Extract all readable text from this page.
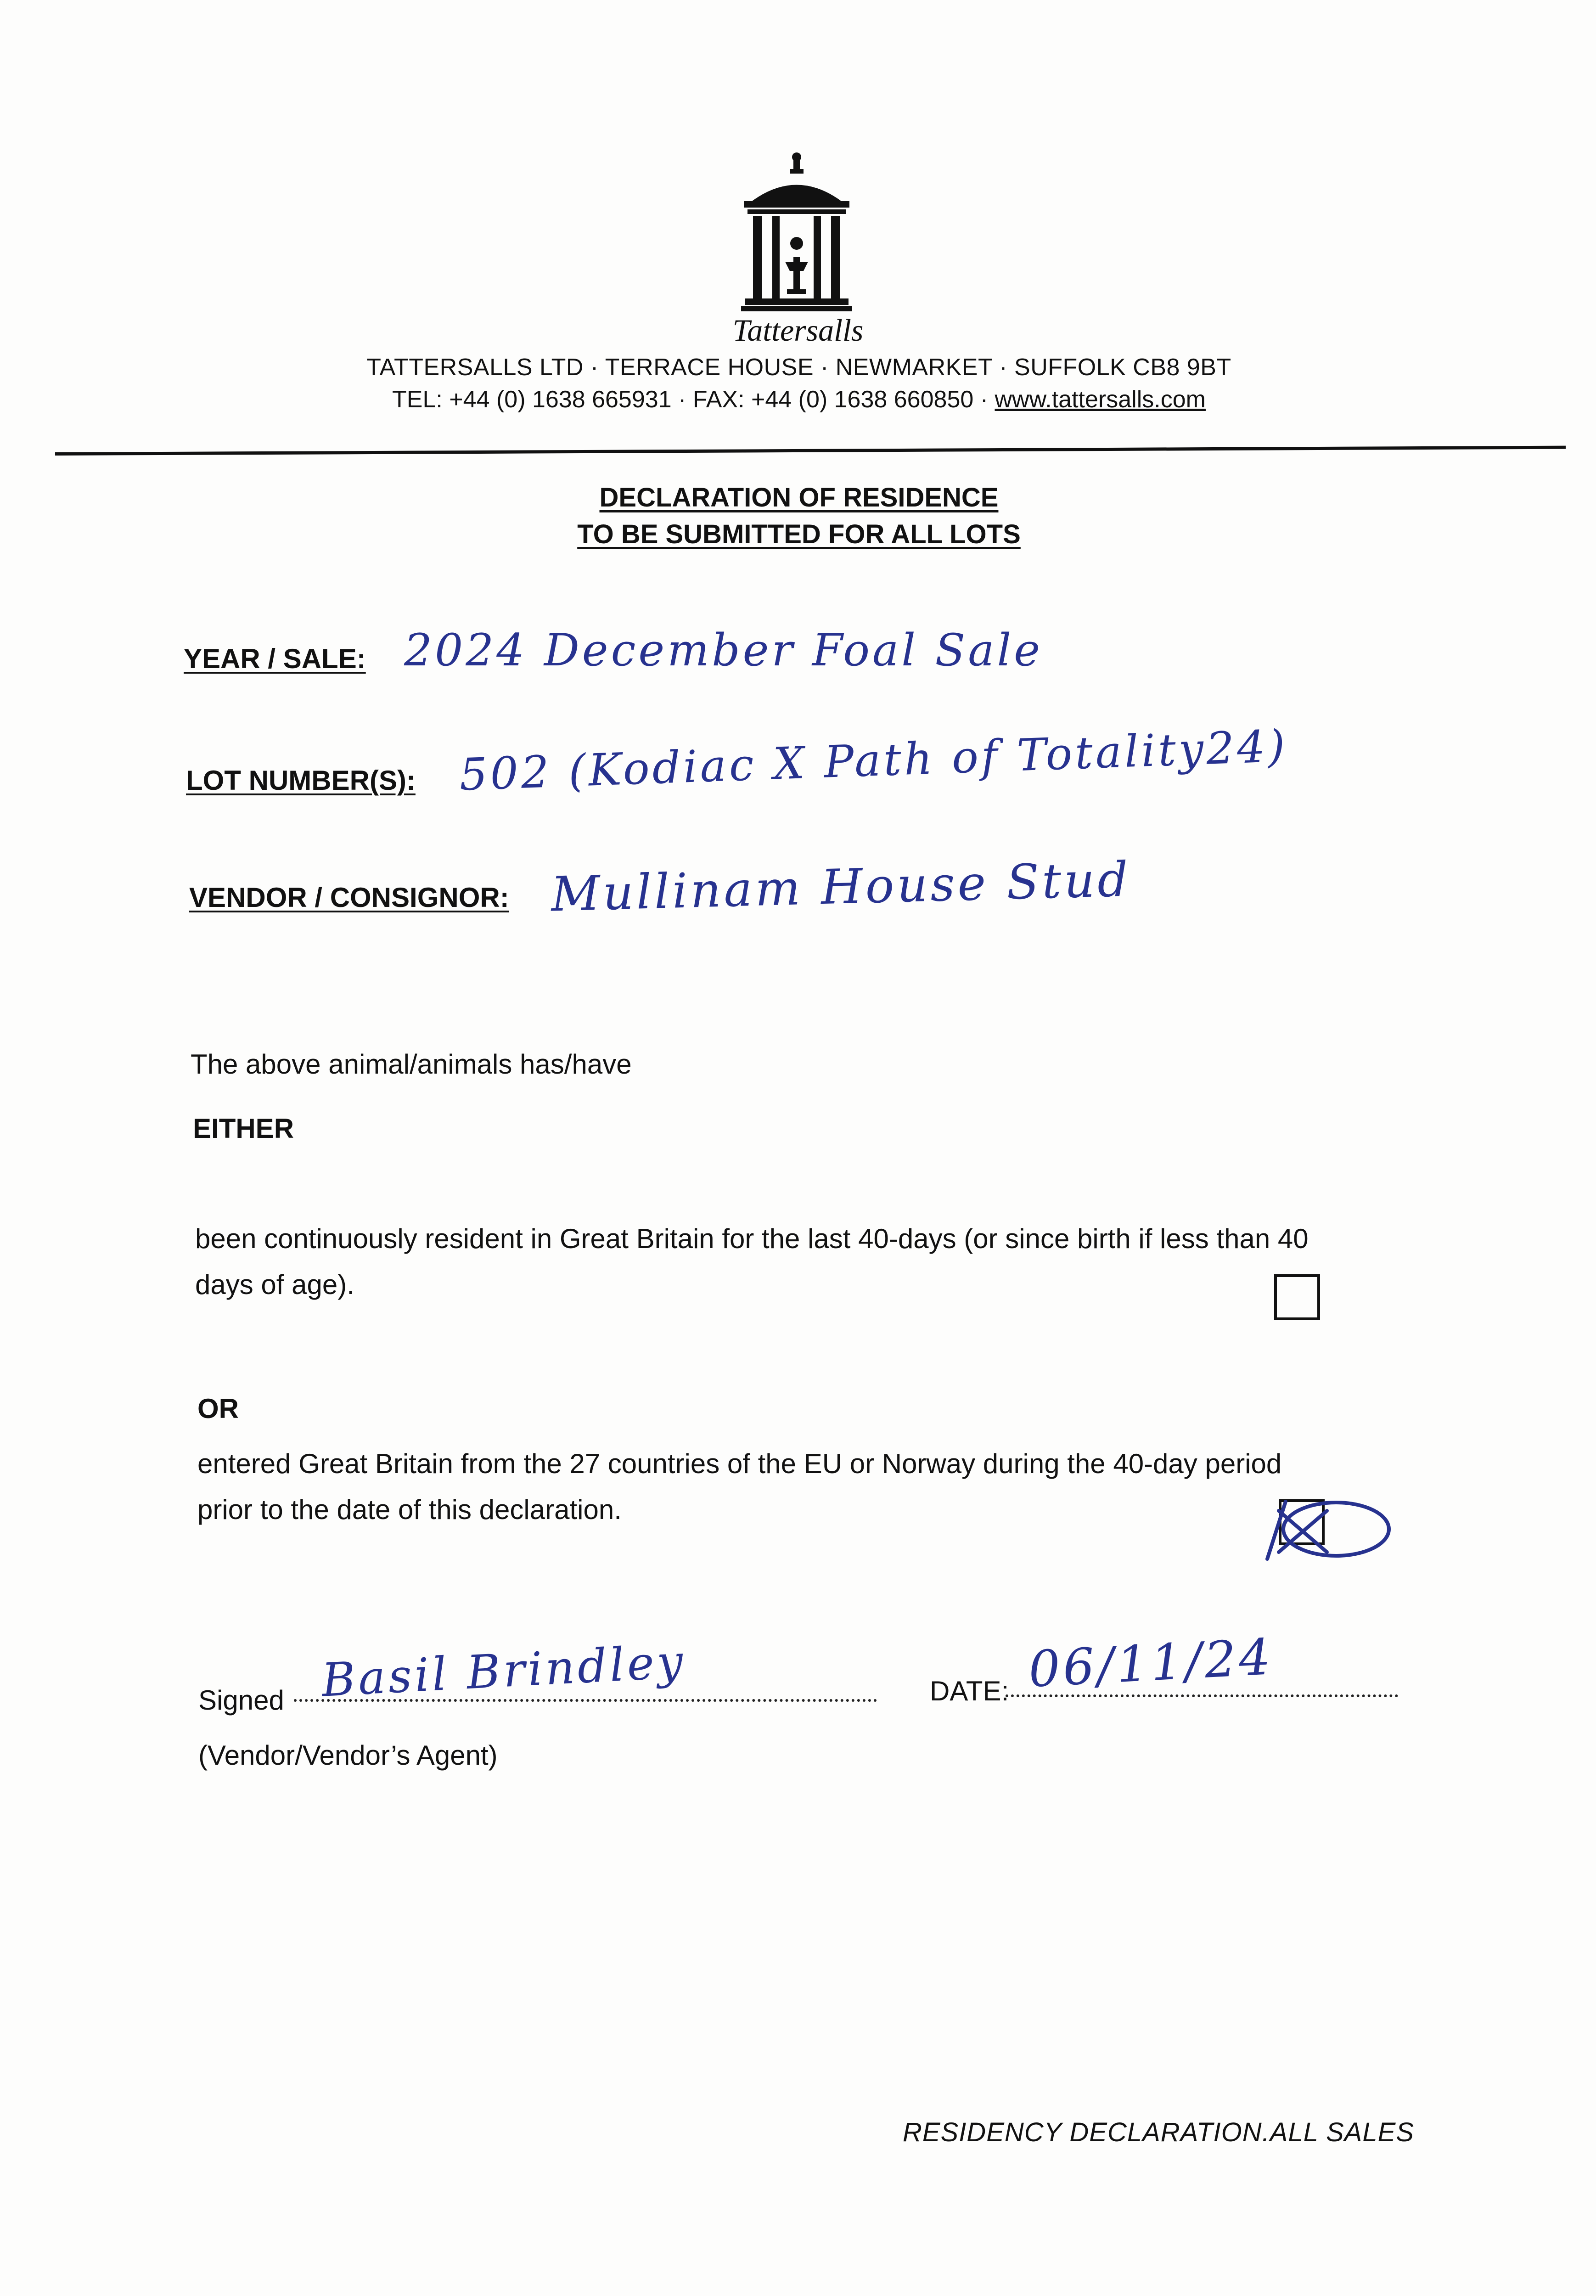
Tattersalls
TATTERSALLS LTD · TERRACE HOUSE · NEWMARKET · SUFFOLK CB8 9BT
TEL: +44 (0) 1638 665931 · FAX: +44 (0) 1638 660850 · www.tattersalls.com
DECLARATION OF RESIDENCE
TO BE SUBMITTED FOR ALL LOTS
YEAR / SALE: 2024 December Foal Sale
LOT NUMBER(S): 502 (Kodiac X Path of Totality24)
VENDOR / CONSIGNOR: Mullinam House Stud
The above animal/animals has/have
EITHER
been continuously resident in Great Britain for the last 40-days (or since birth if less than 40
days of age).
OR
entered Great Britain from the 27 countries of the EU or Norway during the 40-day period
prior to the date of this declaration.
Signed Basil Brindley	DATE: 06/11/24
(Vendor/Vendor’s Agent)
RESIDENCY DECLARATION.ALL SALES
